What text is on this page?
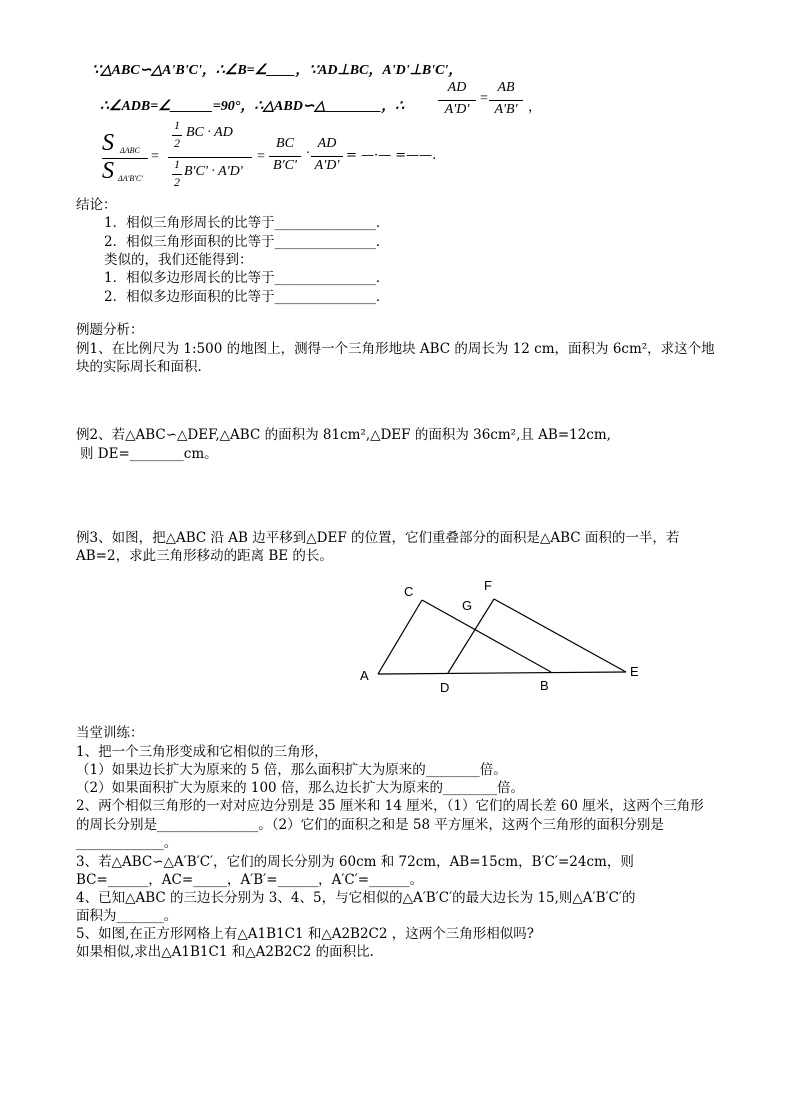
∵△ABC∽△A'B'C'，∴∠B=∠____，∵AD⊥BC，A'D'⊥B'C'，
∴∠ADB=∠______=90°，∴△ABD∽△________，∴
AD
A'D'
=
AB
A'B' ，
S ΔABC
S ΔA'B'C'
=
1
2
BC · AD
1
2
B'C' · A'D'
=
BC
B'C'
·
AD
A'D'
= —·— =——.
结论：
1．相似三角形周长的比等于_______________．
2．相似三角形面积的比等于_______________．
类似的，我们还能得到：
1．相似多边形周长的比等于_______________．
2．相似多边形面积的比等于_______________．
例题分析：
例1、在比例尺为 1:500 的地图上，测得一个三角形地块 ABC 的周长为 12 cm，面积为 6cm²，求这个地
块的实际周长和面积．
例2、若△ABC∽△DEF,△ABC 的面积为 81cm²,△DEF 的面积为 36cm²,且 AB=12cm,
则 DE=________cm。
例3、如图，把△ABC 沿 AB 边平移到△DEF 的位置，它们重叠部分的面积是△ABC 面积的一半，若
AB=2，求此三角形移动的距离 BE 的长。
C
G
F
A
D	B
E
当堂训练：
1、把一个三角形变成和它相似的三角形，
（1）如果边长扩大为原来的 5 倍，那么面积扩大为原来的________倍。
（2）如果面积扩大为原来的 100 倍，那么边长扩大为原来的________倍。
2、两个相似三角形的一对对应边分别是 35 厘米和 14 厘米，（1）它们的周长差 60 厘米，这两个三角形
的周长分别是_______________。（2）它们的面积之和是 58 平方厘米，这两个三角形的面积分别是
_____________。
3、若△ABC∽△A′B′C′，它们的周长分别为 60cm 和 72cm，AB=15cm，B′C′=24cm，则
BC=______，AC=_____，A′B′=______，A′C′=______。
4、已知△ABC 的三边长分别为 3、4、5，与它相似的△A′B′C′的最大边长为 15,则△A′B′C′的
面积为_______。
5、如图,在正方形网格上有△A1B1C1 和△A2B2C2 ，这两个三角形相似吗?
如果相似,求出△A1B1C1 和△A2B2C2 的面积比.
